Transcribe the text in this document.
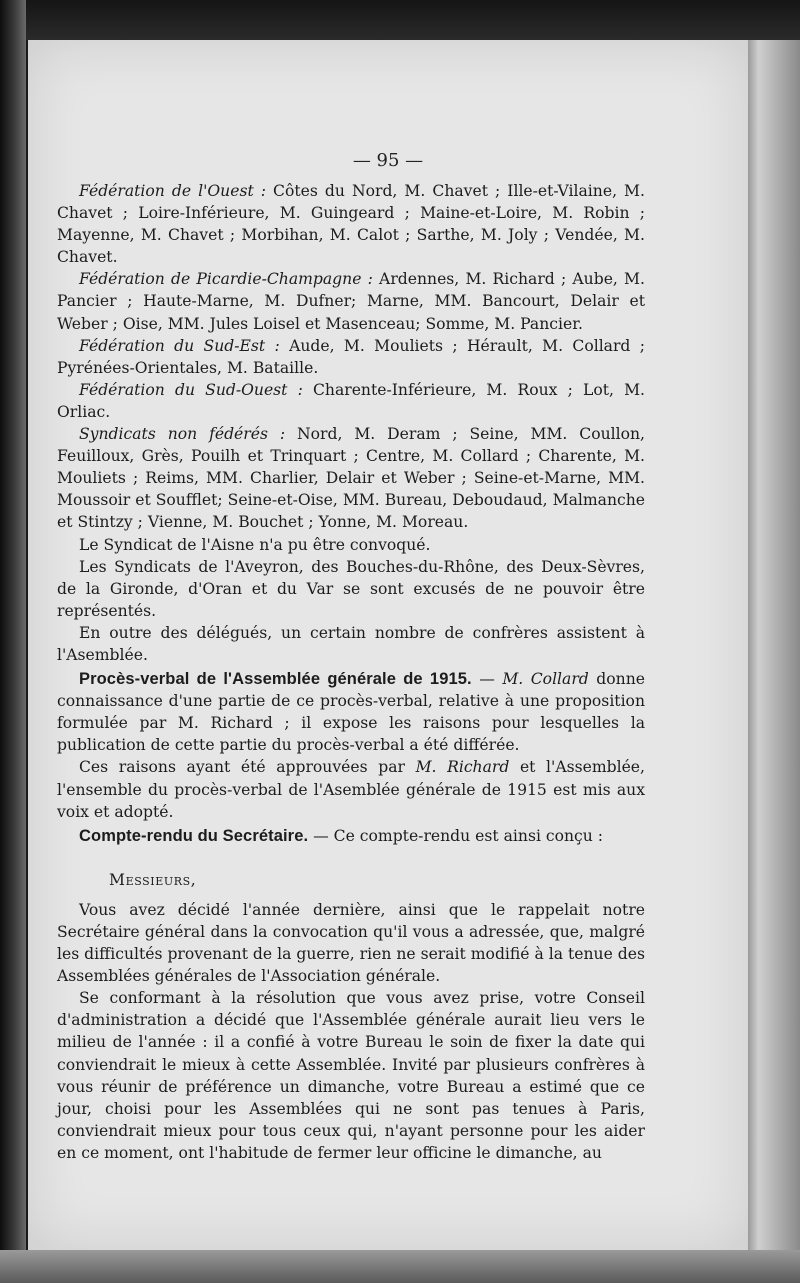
— 95 —

Fédération de l'Ouest : Côtes du Nord, M. Chavet ; Ille-et-Vilaine, M. Chavet ; Loire-Inférieure, M. Guingeard ; Maine-et-Loire, M. Robin ; Mayenne, M. Chavet ; Morbihan, M. Calot ; Sarthe, M. Joly ; Vendée, M. Chavet.

Fédération de Picardie-Champagne : Ardennes, M. Richard ; Aube, M. Pancier ; Haute-Marne, M. Dufner; Marne, MM. Bancourt, Delair et Weber ; Oise, MM. Jules Loisel et Masenceau; Somme, M. Pancier.

Fédération du Sud-Est : Aude, M. Mouliets ; Hérault, M. Collard ; Pyrénées-Orientales, M. Bataille.

Fédération du Sud-Ouest : Charente-Inférieure, M. Roux ; Lot, M. Orliac.

Syndicats non fédérés : Nord, M. Deram ; Seine, MM. Coullon, Feuilloux, Grès, Pouilh et Trinquart ; Centre, M. Collard ; Charente, M. Mouliets ; Reims, MM. Charlier, Delair et Weber ; Seine-et-Marne, MM. Moussoir et Soufflet; Seine-et-Oise, MM. Bureau, Deboudaud, Malmanche et Stintzy ; Vienne, M. Bouchet ; Yonne, M. Moreau.

Le Syndicat de l'Aisne n'a pu être convoqué.

Les Syndicats de l'Aveyron, des Bouches-du-Rhône, des Deux-Sèvres, de la Gironde, d'Oran et du Var se sont excusés de ne pouvoir être représentés.

En outre des délégués, un certain nombre de confrères assistent à l'Asemblée.

Procès-verbal de l'Assemblée générale de 1915. — M. Collard donne connaissance d'une partie de ce procès-verbal, relative à une proposition formulée par M. Richard ; il expose les raisons pour lesquelles la publication de cette partie du procès-verbal a été différée.

Ces raisons ayant été approuvées par M. Richard et l'Assemblée, l'ensemble du procès-verbal de l'Asemblée générale de 1915 est mis aux voix et adopté.

Compte-rendu du Secrétaire. — Ce compte-rendu est ainsi conçu :

Messieurs,

Vous avez décidé l'année dernière, ainsi que le rappelait notre Secrétaire général dans la convocation qu'il vous a adressée, que, malgré les difficultés provenant de la guerre, rien ne serait modifié à la tenue des Assemblées générales de l'Association générale.

Se conformant à la résolution que vous avez prise, votre Conseil d'administration a décidé que l'Assemblée générale aurait lieu vers le milieu de l'année : il a confié à votre Bureau le soin de fixer la date qui conviendrait le mieux à cette Assemblée. Invité par plusieurs confrères à vous réunir de préférence un dimanche, votre Bureau a estimé que ce jour, choisi pour les Assemblées qui ne sont pas tenues à Paris, conviendrait mieux pour tous ceux qui, n'ayant personne pour les aider en ce moment, ont l'habitude de fermer leur officine le dimanche, au
